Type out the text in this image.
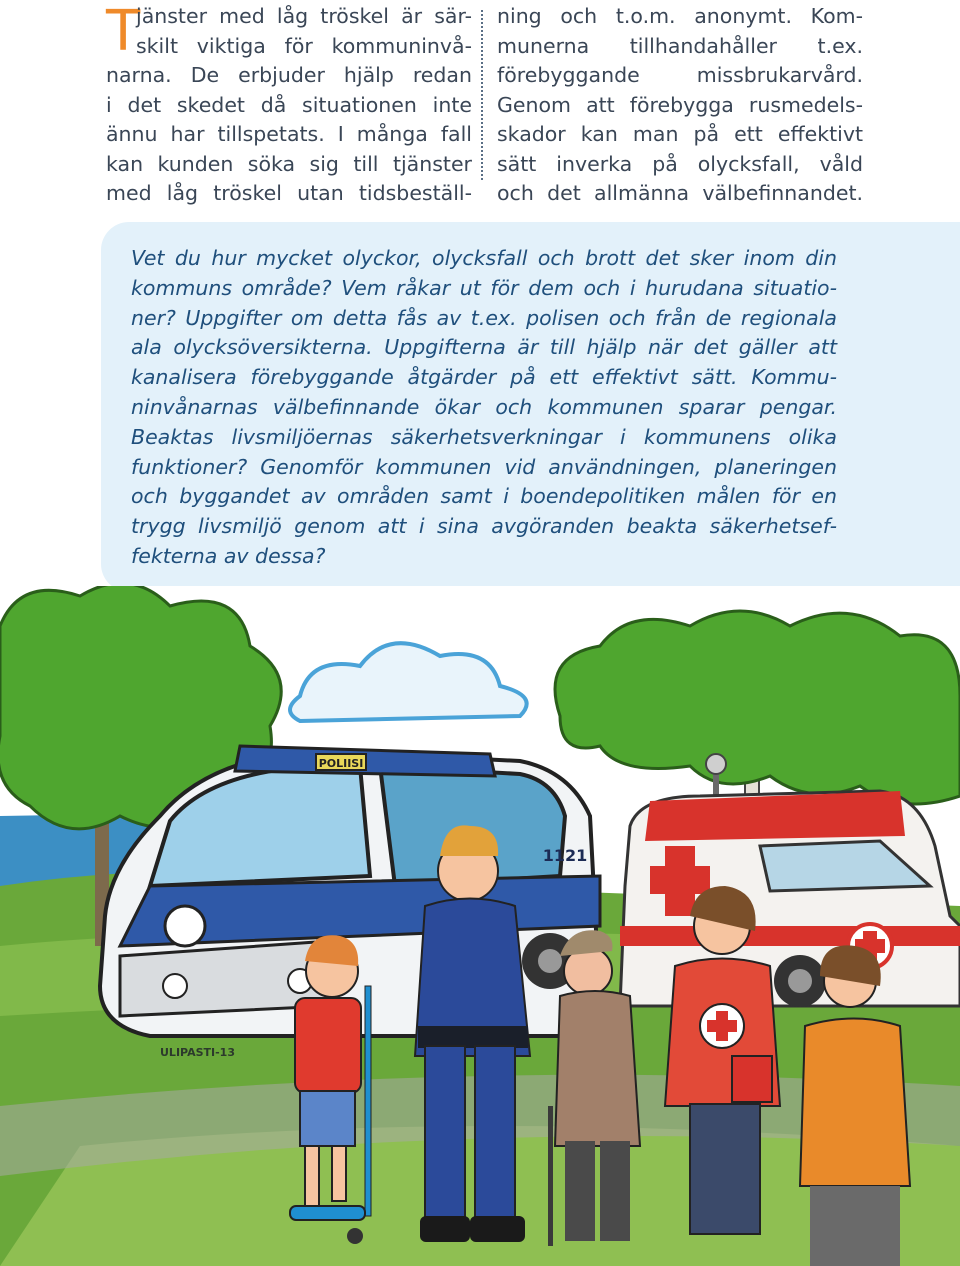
T
jänster med låg tröskel är sär-
skilt viktiga för kommuninvå-
narna. De erbjuder hjälp redan
i det skedet då situationen inte
ännu har tillspetats. I många fall
kan kunden söka sig till tjänster
med låg tröskel utan tidsbeställ-
ning och t.o.m. anonymt. Kom-
munerna tillhandahåller t.ex.
förebyggande missbrukarvård.
Genom att förebygga rusmedels-
skador kan man på ett effektivt
sätt inverka på olycksfall, våld
och det allmänna välbefinnandet.
Vet du hur mycket olyckor, olycksfall och brott det sker inom din
kommuns område? Vem råkar ut för dem och i hurudana situatio-
ner? Uppgifter om detta fås av t.ex. polisen och från de regionala
ala olycksöversikterna. Uppgifterna är till hjälp när det gäller att
kanalisera förebyggande åtgärder på ett effektivt sätt. Kommu-
ninvånarnas välbefinnande ökar och kommunen sparar pengar.
Beaktas livsmiljöernas säkerhetsverkningar i kommunens olika
funktioner? Genomför kommunen vid användningen, planeringen
och byggandet av områden samt i boendepolitiken målen för en
trygg livsmiljö genom att i sina avgöranden beakta säkerhetsef-
fekterna av dessa?
POLIISI
1121
ULIPASTI-13
